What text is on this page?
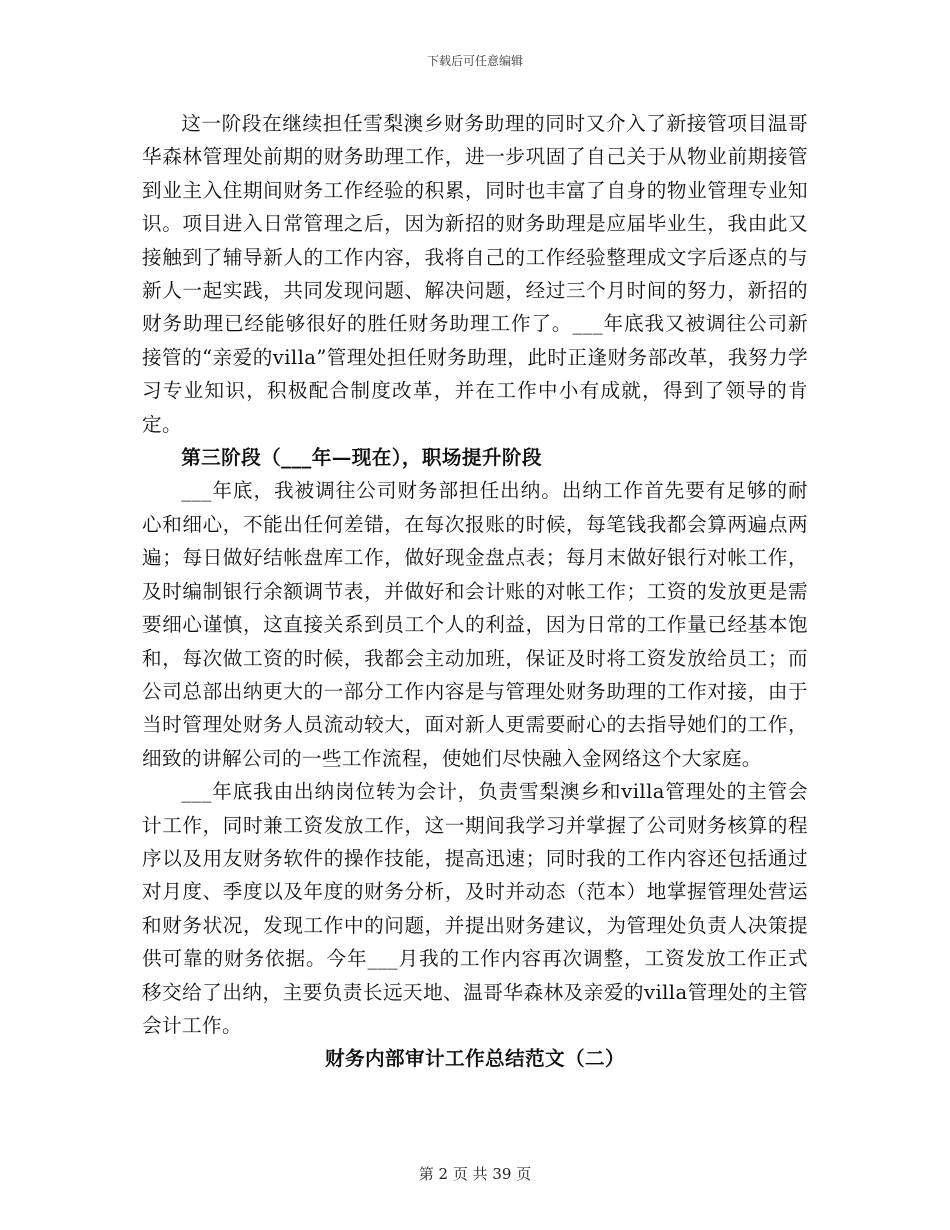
下载后可任意编辑

这一阶段在继续担任雪梨澳乡财务助理的同时又介入了新接管项目温哥华森林管理处前期的财务助理工作，进一步巩固了自己关于从物业前期接管到业主入住期间财务工作经验的积累，同时也丰富了自身的物业管理专业知识。项目进入日常管理之后，因为新招的财务助理是应届毕业生，我由此又接触到了辅导新人的工作内容，我将自己的工作经验整理成文字后逐点的与新人一起实践，共同发现问题、解决问题，经过三个月时间的努力，新招的财务助理已经能够很好的胜任财务助理工作了。___年底我又被调往公司新接管的“亲爱的villa”管理处担任财务助理，此时正逢财务部改革，我努力学习专业知识，积极配合制度改革，并在工作中小有成就，得到了领导的肯定。

第三阶段（___年—现在），职场提升阶段

___年底，我被调往公司财务部担任出纳。出纳工作首先要有足够的耐心和细心，不能出任何差错，在每次报账的时候，每笔钱我都会算两遍点两遍；每日做好结帐盘库工作，做好现金盘点表；每月末做好银行对帐工作，及时编制银行余额调节表，并做好和会计账的对帐工作；工资的发放更是需要细心谨慎，这直接关系到员工个人的利益，因为日常的工作量已经基本饱和，每次做工资的时候，我都会主动加班，保证及时将工资发放给员工；而公司总部出纳更大的一部分工作内容是与管理处财务助理的工作对接，由于当时管理处财务人员流动较大，面对新人更需要耐心的去指导她们的工作，细致的讲解公司的一些工作流程，使她们尽快融入金网络这个大家庭。

___年底我由出纳岗位转为会计，负责雪梨澳乡和villa管理处的主管会计工作，同时兼工资发放工作，这一期间我学习并掌握了公司财务核算的程序以及用友财务软件的操作技能，提高迅速；同时我的工作内容还包括通过对月度、季度以及年度的财务分析，及时并动态（范本）地掌握管理处营运和财务状况，发现工作中的问题，并提出财务建议，为管理处负责人决策提供可靠的财务依据。今年___月我的工作内容再次调整，工资发放工作正式移交给了出纳，主要负责长远天地、温哥华森林及亲爱的villa管理处的主管会计工作。

财务内部审计工作总结范文（二）

第 2 页 共 39 页
